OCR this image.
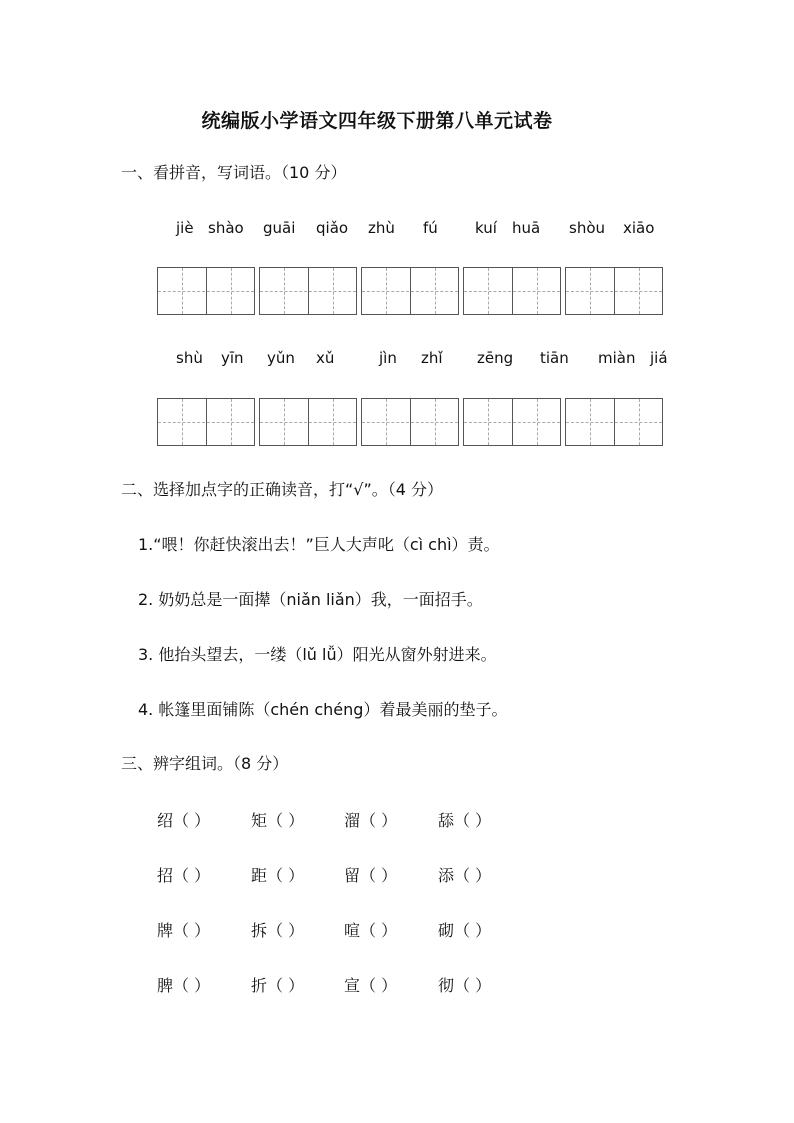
统编版小学语文四年级下册第八单元试卷
一、看拼音，写词语。（10 分）
jiè shào guāi qiǎo zhù fú kuí huā shòu xiāo
shù yīn yǔn xǔ	jìn zhǐ zēng tiān miàn jiá
二、选择加点字的正确读音，打“√”。（4 分）
1.“喂！你赶快滚出去！”巨人大声叱（cì chì）责。
2. 奶奶总是一面撵（niǎn liǎn）我，一面招手。
3. 他抬头望去，一缕（lǔ lǚ）阳光从窗外射进来。
4. 帐篷里面铺陈（chén chéng）着最美丽的垫子。
三、辨字组词。（8 分）
绍（ ）	矩（ ） 溜（ ）	舔（ ）
招（ ）	距（ ） 留（ ）	添（ ）
牌（ ）	拆（ ） 喧（ ）	砌（ ）
脾（ ）	折（ ） 宣（ ）	彻（ ）
